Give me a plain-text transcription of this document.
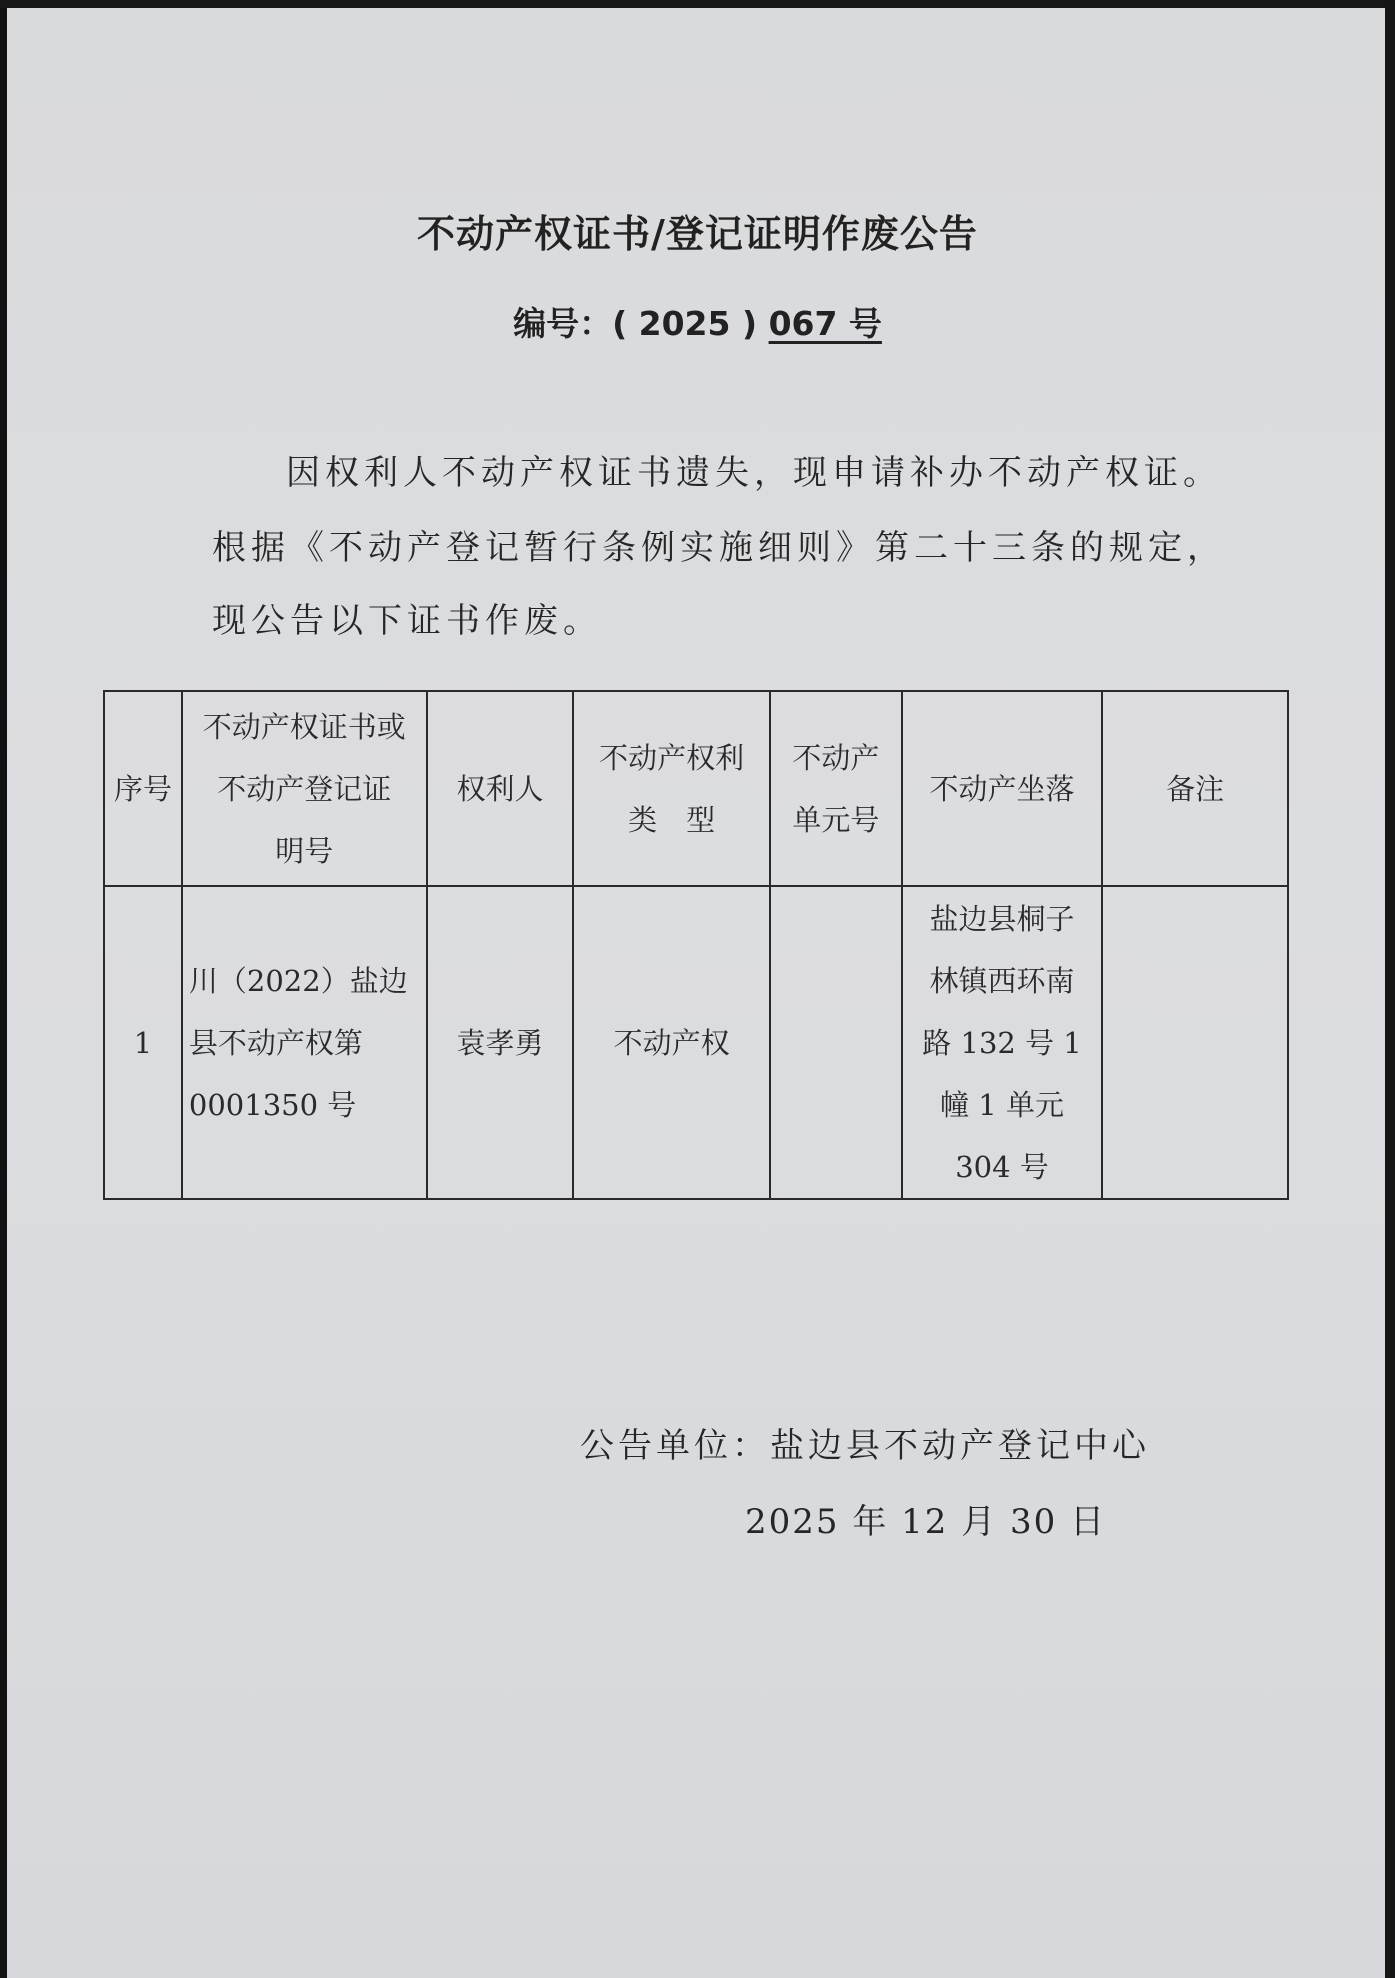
不动产权证书/登记证明作废公告
编号：( 2025 ) 067 号
因权利人不动产权证书遗失，现申请补办不动产权证。
根据《不动产登记暂行条例实施细则》第二十三条的规定，
现公告以下证书作废。
序号	不动产权证书或
不动产登记证
明号	权利人	不动产权利
类　型	不动产
单元号	不动产坐落	备注
1	川（2022）盐边
县不动产权第
0001350 号	袁孝勇	不动产权		盐边县桐子
林镇西环南
路 132 号 1
幢 1 单元
304 号	

公告单位：盐边县不动产登记中心
2025 年 12 月 30 日
